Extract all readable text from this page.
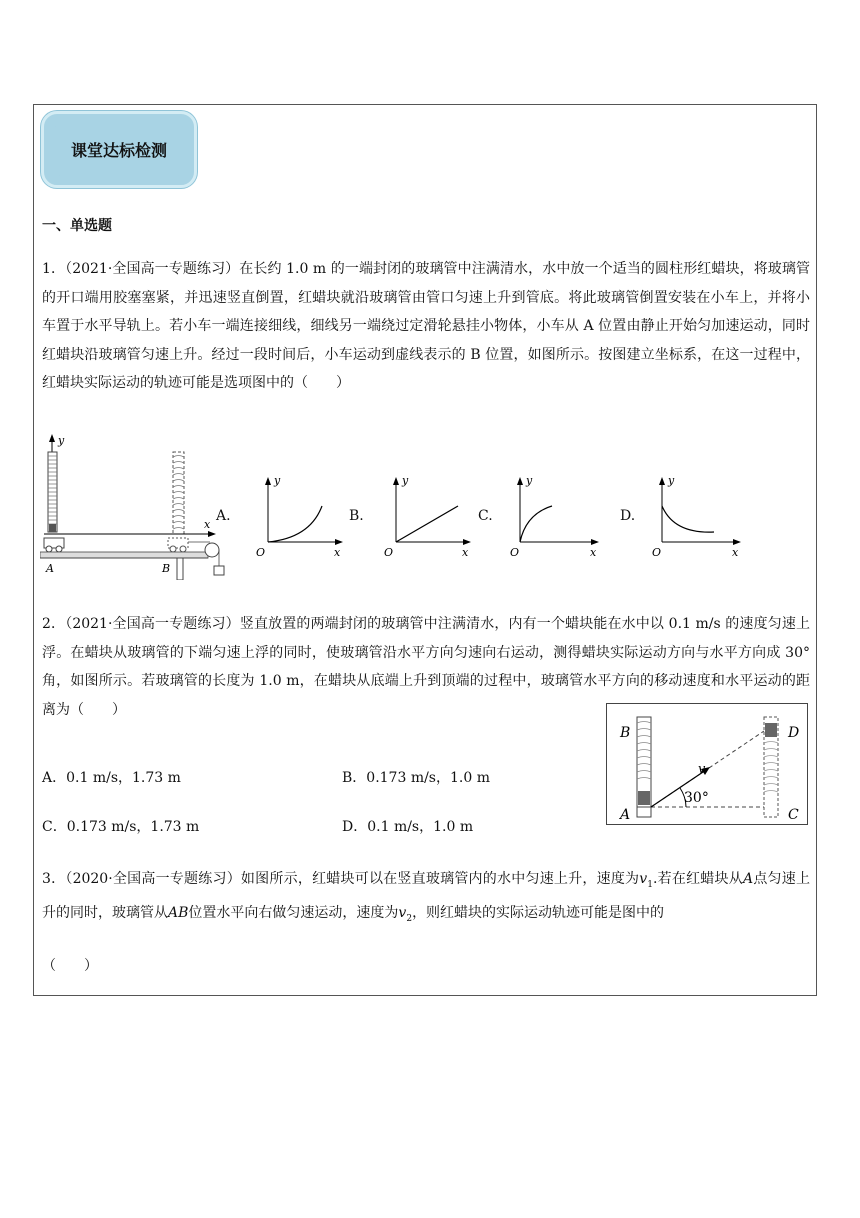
课堂达标检测
一、单选题

1．（2021·全国高一专题练习）在长约 1.0 m 的一端封闭的玻璃管中注满清水，水中放一个适当的圆柱形红蜡块，将玻璃管的开口端用胶塞塞紧，并迅速竖直倒置，红蜡块就沿玻璃管由管口匀速上升到管底。将此玻璃管倒置安装在小车上，并将小车置于水平导轨上。若小车一端连接细线，细线另一端绕过定滑轮悬挂小物体，小车从 A 位置由静止开始匀加速运动，同时红蜡块沿玻璃管匀速上升。经过一段时间后，小车运动到虚线表示的 B 位置，如图所示。按图建立坐标系，在这一过程中，红蜡块实际运动的轨迹可能是选项图中的（　　）

y
x
A	B
A.
y
x
O
B.
y
x
O
C.
y
x
O
D.
y
x
O

2．（2021·全国高一专题练习）竖直放置的两端封闭的玻璃管中注满清水，内有一个蜡块能在水中以 0.1 m/s 的速度匀速上浮。在蜡块从玻璃管的下端匀速上浮的同时，使玻璃管沿水平方向匀速向右运动，测得蜡块实际运动方向与水平方向成 30°角，如图所示。若玻璃管的长度为 1.0 m，在蜡块从底端上升到顶端的过程中，玻璃管水平方向的移动速度和水平运动的距离为（　　）

A．0.1 m/s，1.73 m	B．0.173 m/s，1.0 m
C．0.173 m/s，1.73 m	D．0.1 m/s，1.0 m
B	D
A	C
v
30°
3．（2020·全国高一专题练习）如图所示，红蜡块可以在竖直玻璃管内的水中匀速上升，速度为$v_1$.若在红蜡块从A点匀速上升的同时，玻璃管从AB位置水平向右做匀速运动，速度为$v_2$，则红蜡块的实际运动轨迹可能是图中的
（　　）
